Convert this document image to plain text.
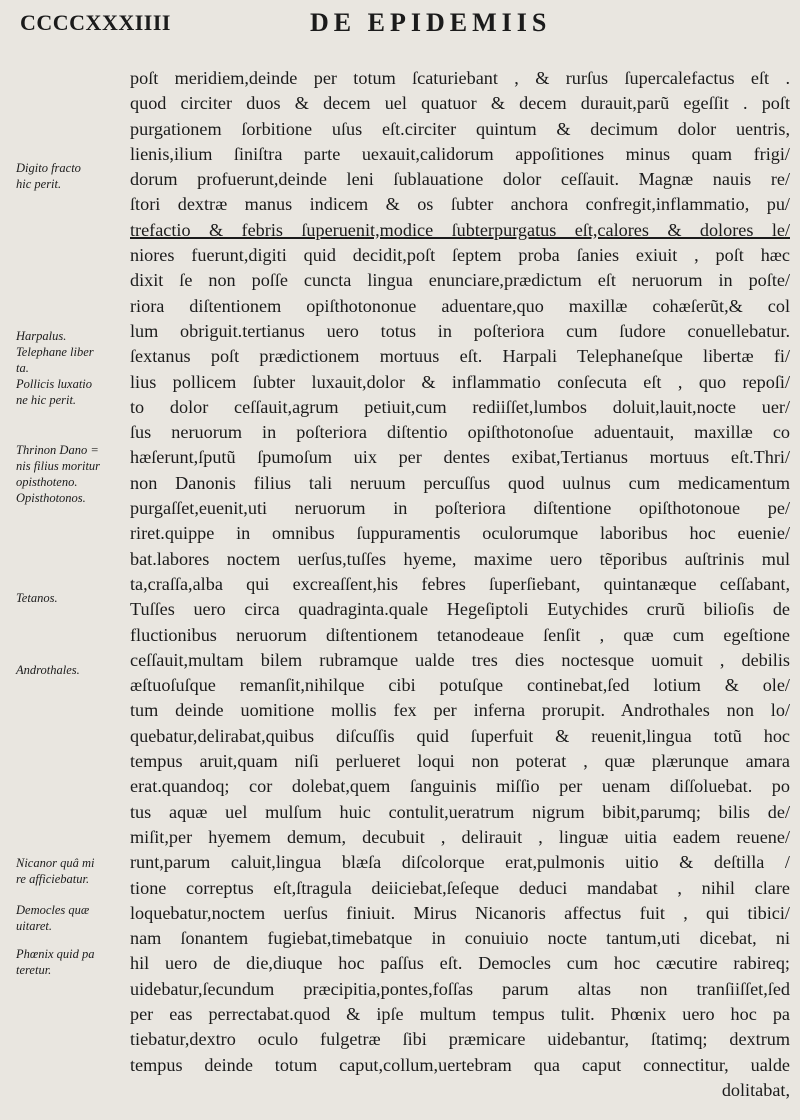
CCCCXXXIIII	DE EPIDEMIIS
Digito fracto
hic perit.
Harpalus.
Telephane liber
ta.
Pollicis luxatio
ne hic perit.
Thrinon Dano =
nis filius moritur
opisthoteno.
Opisthotonos.
Tetanos.
Androthales.
Nicanor quâ mi
re afficiebatur.
Democles quæ
uitaret.
Phœnix quid pa
teretur.
poſt meridiem,deinde per totum ſcaturiebant , & rurſus ſupercalefactus eſt .
quod circiter duos & decem uel quatuor & decem durauit,parũ egeſſit . poſt
purgationem ſorbitione uſus eſt.circiter quintum & decimum dolor uentris,
lienis,ilium ſiniſtra parte uexauit,calidorum appoſitiones minus quam frigi/
dorum profuerunt,deinde leni ſublauatione dolor ceſſauit. Magnæ nauis re/
ſtori dextræ manus indicem & os ſubter anchora confregit,inflammatio, pu/
trefactio & febris ſuperuenit,modice ſubterpurgatus eſt,calores & dolores le/
niores fuerunt,digiti quid decidit,poſt ſeptem proba ſanies exiuit , poſt hæc
dixit ſe non poſſe cuncta lingua enunciare,prædictum eſt neruorum in poſte/
riora diſtentionem opiſthotononue aduentare,quo maxillæ cohæſerũt,& col
lum obriguit.tertianus uero totus in poſteriora cum ſudore conuellebatur.
ſextanus poſt prædictionem mortuus eſt. Harpali Telephaneſque libertæ fi/
lius pollicem ſubter luxauit,dolor & inflammatio conſecuta eſt , quo repoſi/
to dolor ceſſauit,agrum petiuit,cum rediiſſet,lumbos doluit,lauit,nocte uer/
ſus neruorum in poſteriora diſtentio opiſthotonoſue aduentauit, maxillæ co
hæſerunt,ſputũ ſpumoſum uix per dentes exibat,Tertianus mortuus eſt.Thri/
non Danonis filius tali neruum percuſſus quod uulnus cum medicamentum
purgaſſet,euenit,uti neruorum in poſteriora diſtentione opiſthotonoue pe/
riret.quippe in omnibus ſuppuramentis oculorumque laboribus hoc euenie/
bat.labores noctem uerſus,tuſſes hyeme, maxime uero tẽporibus auſtrinis mul
ta,craſſa,alba qui excreaſſent,his febres ſuperſiebant, quintanæque ceſſabant,
Tuſſes uero circa quadraginta.quale Hegeſiptoli Eutychides crurũ bilioſis de
fluctionibus neruorum diſtentionem tetanodeaue ſenſit , quæ cum egeſtione
ceſſauit,multam bilem rubramque ualde tres dies noctesque uomuit , debilis
æſtuoſuſque remanſit,nihilque cibi potuſque continebat,ſed lotium & ole/
tum deinde uomitione mollis fex per inferna prorupit. Androthales non lo/
quebatur,delirabat,quibus diſcuſſis quid ſuperfuit & reuenit,lingua totũ hoc
tempus aruit,quam niſi perlueret loqui non poterat , quæ plærunque amara
erat.quandoq; cor dolebat,quem ſanguinis miſſio per uenam diſſoluebat. po
tus aquæ uel mulſum huic contulit,ueratrum nigrum bibit,parumq; bilis de/
miſit,per hyemem demum, decubuit , delirauit , linguæ uitia eadem reuene/
runt,parum caluit,lingua blæſa diſcolorque erat,pulmonis uitio & deſtilla /
tione correptus eſt,ſtragula deiiciebat,ſeſeque deduci mandabat , nihil clare
loquebatur,noctem uerſus finiuit. Mirus Nicanoris affectus fuit , qui tibici/
nam ſonantem fugiebat,timebatque in conuiuio nocte tantum,uti dicebat, ni
hil uero de die,diuque hoc paſſus eſt. Democles cum hoc cæcutire rabireq;
uidebatur,ſecundum præcipitia,pontes,foſſas parum altas non tranſiiſſet,ſed
per eas perrectabat.quod & ipſe multum tempus tulit. Phœnix uero hoc pa
tiebatur,dextro oculo fulgetræ ſibi præmicare uidebantur, ſtatimq; dextrum
tempus deinde totum caput,collum,uertebram qua caput connectitur, ualde
dolitabat,
